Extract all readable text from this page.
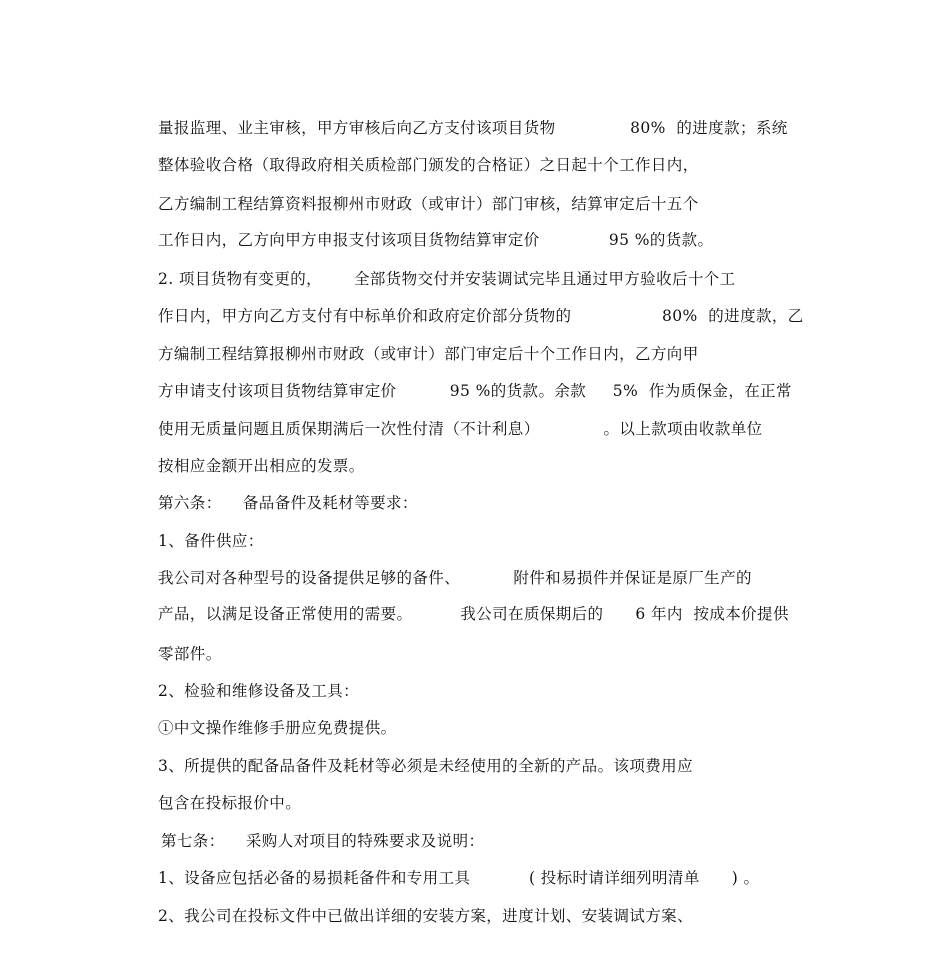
量报监理、业主审核，甲方审核后向乙方支付该项目货物              80%  的进度款；系统
整体验收合格（取得政府相关质检部门颁发的合格证）之日起十个工作日内，
乙方编制工程结算资料报柳州市财政（或审计）部门审核，结算审定后十五个
工作日内，乙方向甲方申报支付该项目货物结算审定价             95 %的货款。
2. 项目货物有变更的，      全部货物交付并安装调试完毕且通过甲方验收后十个工
作日内，甲方向乙方支付有中标单价和政府定价部分货物的                 80%  的进度款，乙
方编制工程结算报柳州市财政（或审计）部门审定后十个工作日内，乙方向甲
方申请支付该项目货物结算审定价          95 %的货款。余款     5%  作为质保金，在正常
使用无质量问题且质保期满后一次性付清（不计利息）            。以上款项由收款单位
按相应金额开出相应的发票。
第六条：    备品备件及耗材等要求：
1、备件供应：
我公司对各种型号的设备提供足够的备件、          附件和易损件并保证是原厂生产的
产品，以满足设备正常使用的需要。         我公司在质保期后的      6 年内  按成本价提供
零部件。
2、检验和维修设备及工具：
①中文操作维修手册应免费提供。
3、所提供的配备品备件及耗材等必须是未经使用的全新的产品。该项费用应
包含在投标报价中。
第七条：    采购人对项目的特殊要求及说明：
1、设备应包括必备的易损耗备件和专用工具           ( 投标时请详细列明清单      ) 。
2、我公司在投标文件中已做出详细的安装方案，进度计划、安装调试方案、
